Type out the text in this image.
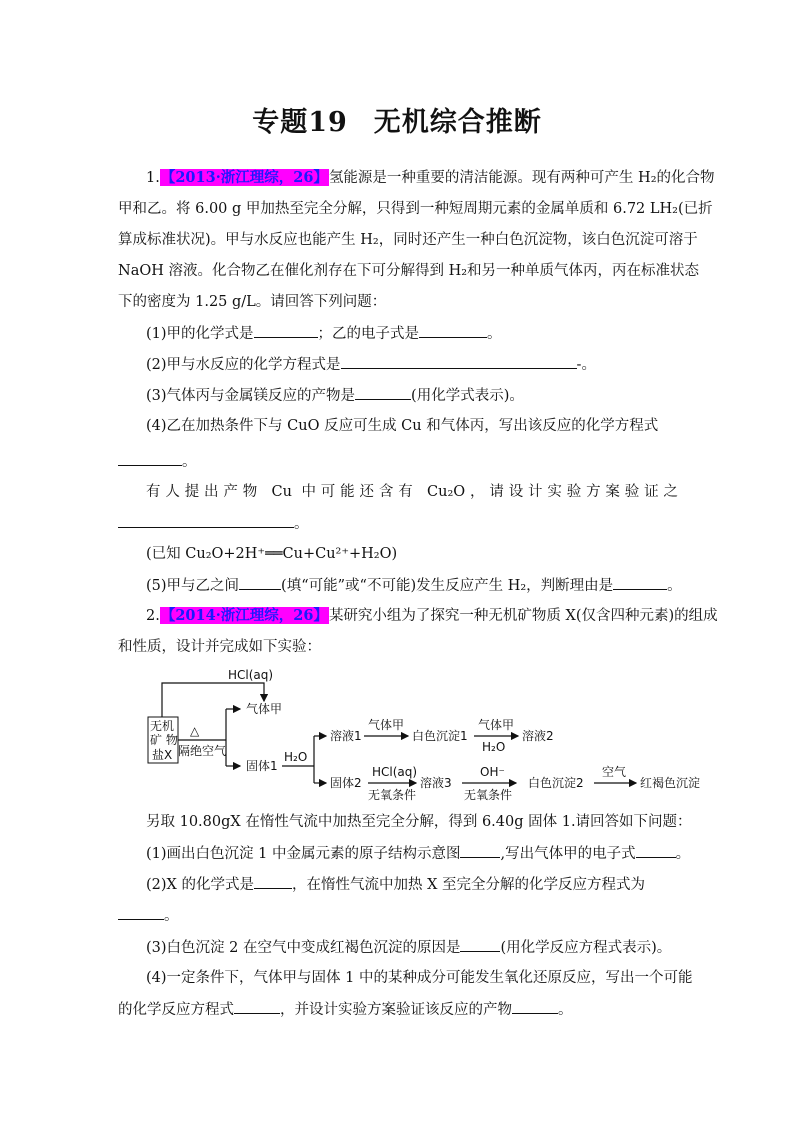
专题19 无机综合推断
1.【2013·浙江理综，26】氢能源是一种重要的清洁能源。现有两种可产生 H₂的化合物
甲和乙。将 6.00 g 甲加热至完全分解，只得到一种短周期元素的金属单质和 6.72 LH₂(已折
算成标准状况)。甲与水反应也能产生 H₂，同时还产生一种白色沉淀物，该白色沉淀可溶于
NaOH 溶液。化合物乙在催化剂存在下可分解得到 H₂和另一种单质气体丙，丙在标准状态
下的密度为 1.25 g/L。请回答下列问题：
(1)甲的化学式是	；乙的电子式是	。
(2)甲与水反应的化学方程式是	-。
(3)气体丙与金属镁反应的产物是	(用化学式表示)。
(4)乙在加热条件下与 CuO 反应可生成 Cu 和气体丙，写出该反应的化学方程式
。
有人提出产物 Cu 中可能还含有 Cu₂O，请设计实验方案验证之
。
(已知 Cu₂O+2H⁺══Cu+Cu²⁺+H₂O)
(5)甲与乙之间	(填“可能”或“不可能)发生反应产生 H₂，判断理由是	。
2.【2014·浙江理综，26】某研究小组为了探究一种无机矿物质 X(仅含四种元素)的组成
和性质，设计并完成如下实验：
HCl(aq)
无机
矿 物
盐X
△
隔绝空气
气体甲
固体1
H₂O
溶液1
气体甲
白色沉淀1
气体甲
H₂O
溶液2
固体2
HCl(aq)
无氧条件
溶液3
OH⁻
无氧条件
白色沉淀2
空气
红褐色沉淀
另取 10.80gX 在惰性气流中加热至完全分解，得到 6.40g 固体 1.请回答如下问题：
(1)画出白色沉淀 1 中金属元素的原子结构示意图	,写出气体甲的电子式	。
(2)X 的化学式是	，在惰性气流中加热 X 至完全分解的化学反应方程式为
。
(3)白色沉淀 2 在空气中变成红褐色沉淀的原因是	(用化学反应方程式表示)。
(4)一定条件下，气体甲与固体 1 中的某种成分可能发生氧化还原反应，写出一个可能
的化学反应方程式	，并设计实验方案验证该反应的产物	。
